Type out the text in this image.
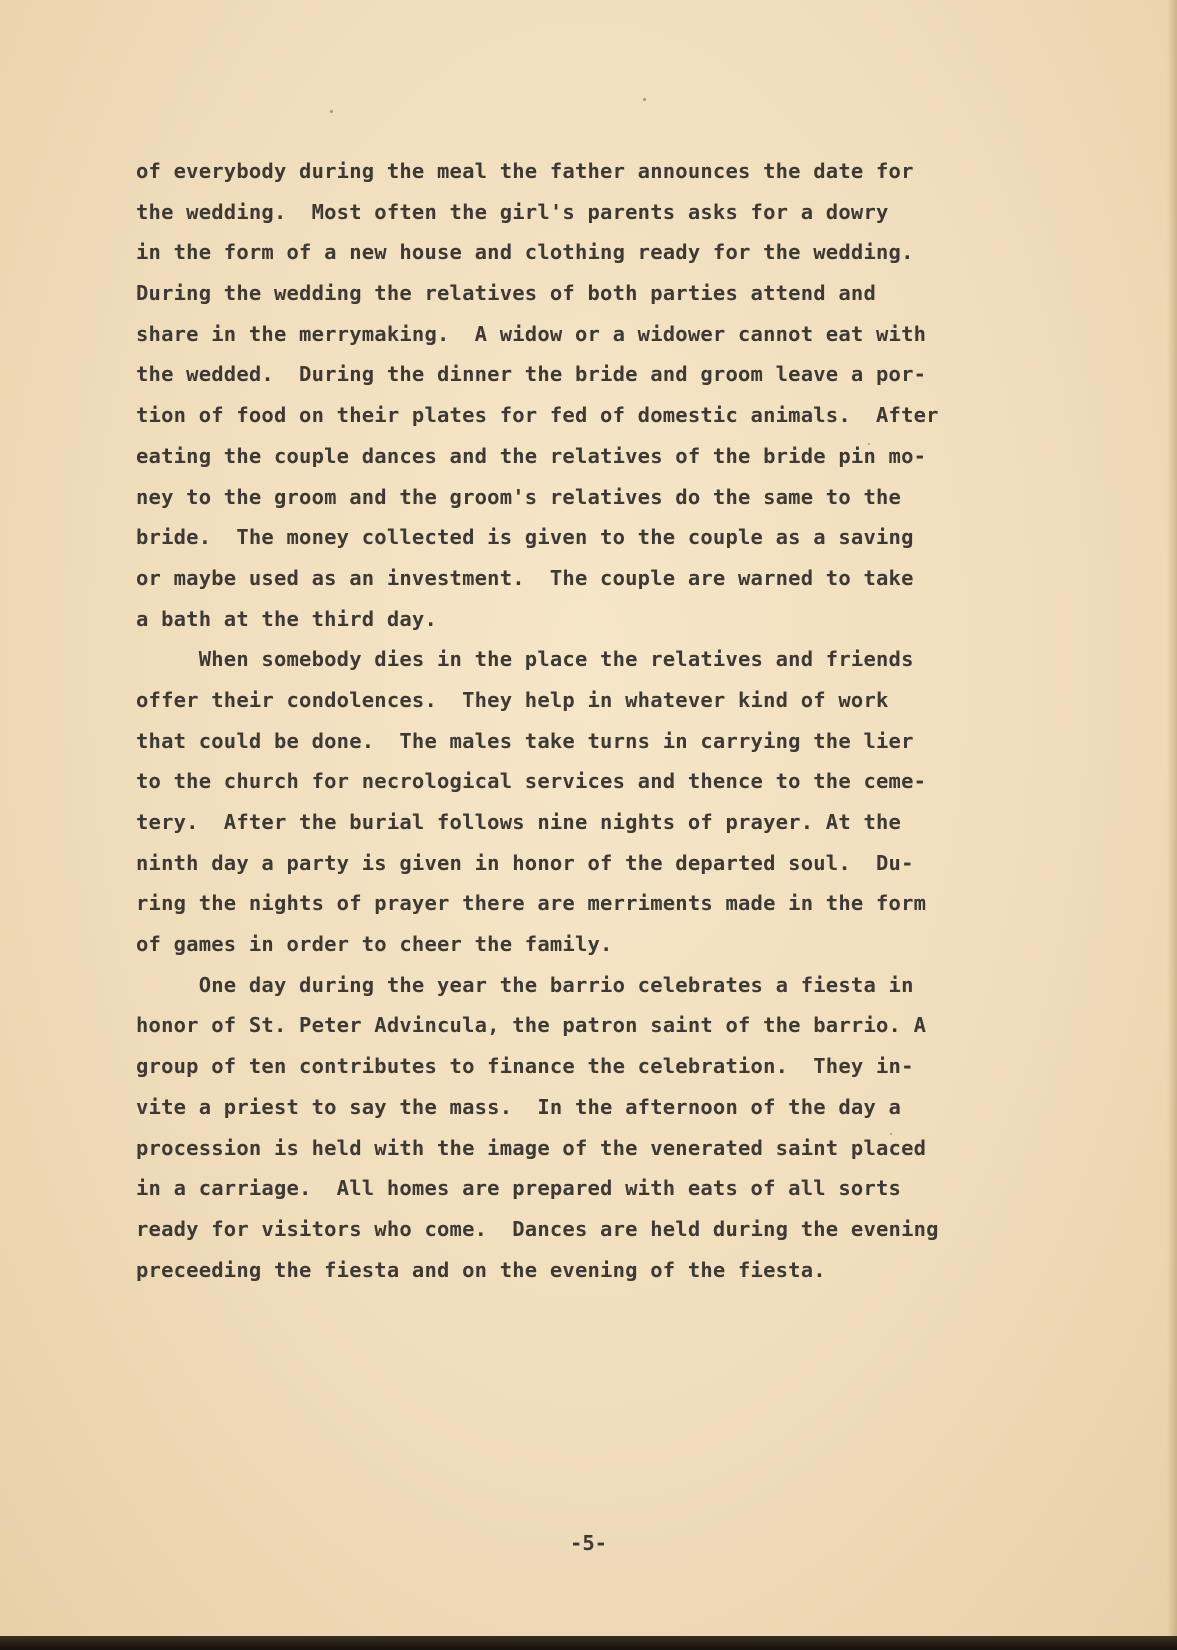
of everybody during the meal the father announces the date for
the wedding.  Most often the girl's parents asks for a dowry
in the form of a new house and clothing ready for the wedding.
During the wedding the relatives of both parties attend and
share in the merrymaking.  A widow or a widower cannot eat with
the wedded.  During the dinner the bride and groom leave a por-
tion of food on their plates for fed of domestic animals.  After
eating the couple dances and the relatives of the bride pin mo-
ney to the groom and the groom's relatives do the same to the
bride.  The money collected is given to the couple as a saving
or maybe used as an investment.  The couple are warned to take
a bath at the third day.
When somebody dies in the place the relatives and friends
offer their condolences.  They help in whatever kind of work
that could be done.  The males take turns in carrying the lier
to the church for necrological services and thence to the ceme-
tery.  After the burial follows nine nights of prayer. At the
ninth day a party is given in honor of the departed soul.  Du-
ring the nights of prayer there are merriments made in the form
of games in order to cheer the family.
One day during the year the barrio celebrates a fiesta in
honor of St. Peter Advincula, the patron saint of the barrio. A
group of ten contributes to finance the celebration.  They in-
vite a priest to say the mass.  In the afternoon of the day a
procession is held with the image of the venerated saint placed
in a carriage.  All homes are prepared with eats of all sorts
ready for visitors who come.  Dances are held during the evening
preceeding the fiesta and on the evening of the fiesta.
-5-
